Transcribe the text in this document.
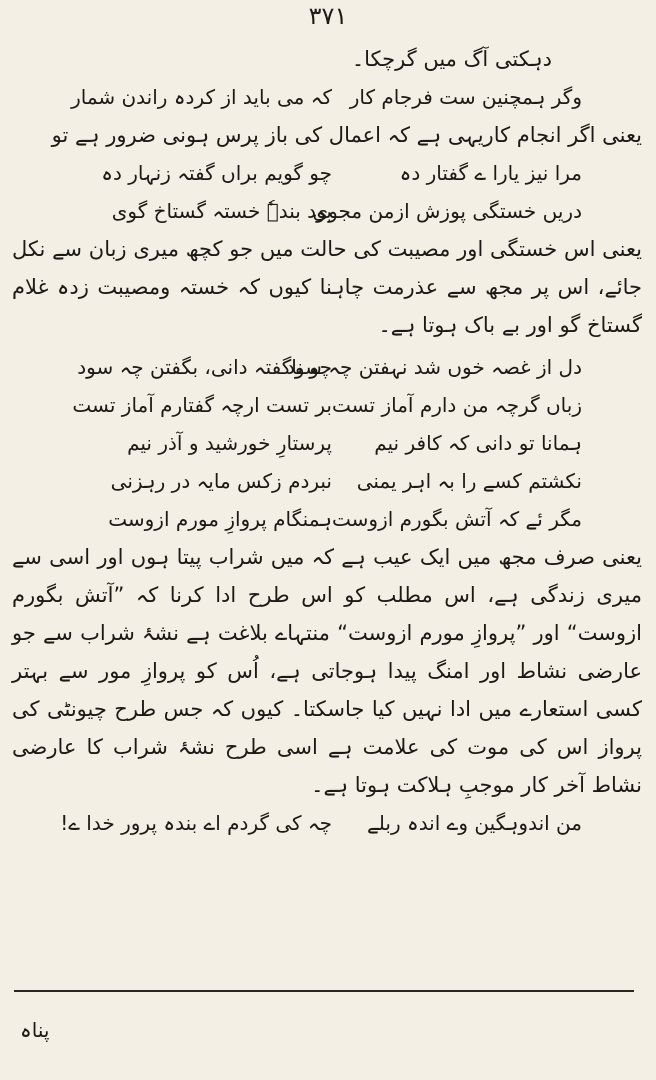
۳۷۱
دہکتی آگ میں گرچکا۔
وگر ہمچنین ست فرجام کار
کہ می باید از کردہ راندن شمار

یعنی اگر انجام کاریہی ہے کہ اعمال کی باز پرس ہونی ضرور ہے تو

مرا نیز یارا ے گفتار دہ
چو گویم براں گفتہ زنہار دہ
دریں خستگی پوزش ازمن مجوی
بود بندہٗ خستہ گستاخ گوی

یعنی اس خستگی اور مصیبت کی حالت میں جو کچھ میری زبان سے نکل جائے، اس پر مجھ سے عذرمت چاہنا کیوں کہ خستہ ومصیبت زدہ غلام گستاخ گو اور بے باک ہوتا ہے۔

دل از غصہ خوں شد نہفتن چہ سود
چو ناگفتہ دانی، بگفتن چہ سود
زباں گرچہ من دارم آماز تست
بر تست ارچہ گفتارم آماز تست
ہمانا تو دانی کہ کافر نیم
پرستارِ خورشید و آذر نیم
نکشتم کسے را بہ اہر یمنی
نبردم زکس مایہ در رہزنی
مگر ئے کہ آتش بگورم ازوست
ہمنگام پروازِ مورم ازوست

یعنی صرف مجھ میں ایک عیب ہے کہ میں شراب پیتا ہوں اور اسی سے میری زندگی ہے، اس مطلب کو اس طرح ادا کرنا کہ ”آتش بگورم ازوست“ اور ”پروازِ مورم ازوست“ منتہاے بلاغت ہے نشۂ شراب سے جو عارضی نشاط اور امنگ پیدا ہوجاتی ہے، اُس کو پروازِ مور سے بہتر کسی استعارے میں ادا نہیں کیا جاسکتا۔ کیوں کہ جس طرح چیونٹی کی پرواز اس کی موت کی علامت ہے اسی طرح نشۂ شراب کا عارضی نشاط آخر کار موجبِ ہلاکت ہوتا ہے۔

من اندوہگین وے اندہ ربلے
چہ کی گردم اے بندہ پرور خدا ے!
پناہ
